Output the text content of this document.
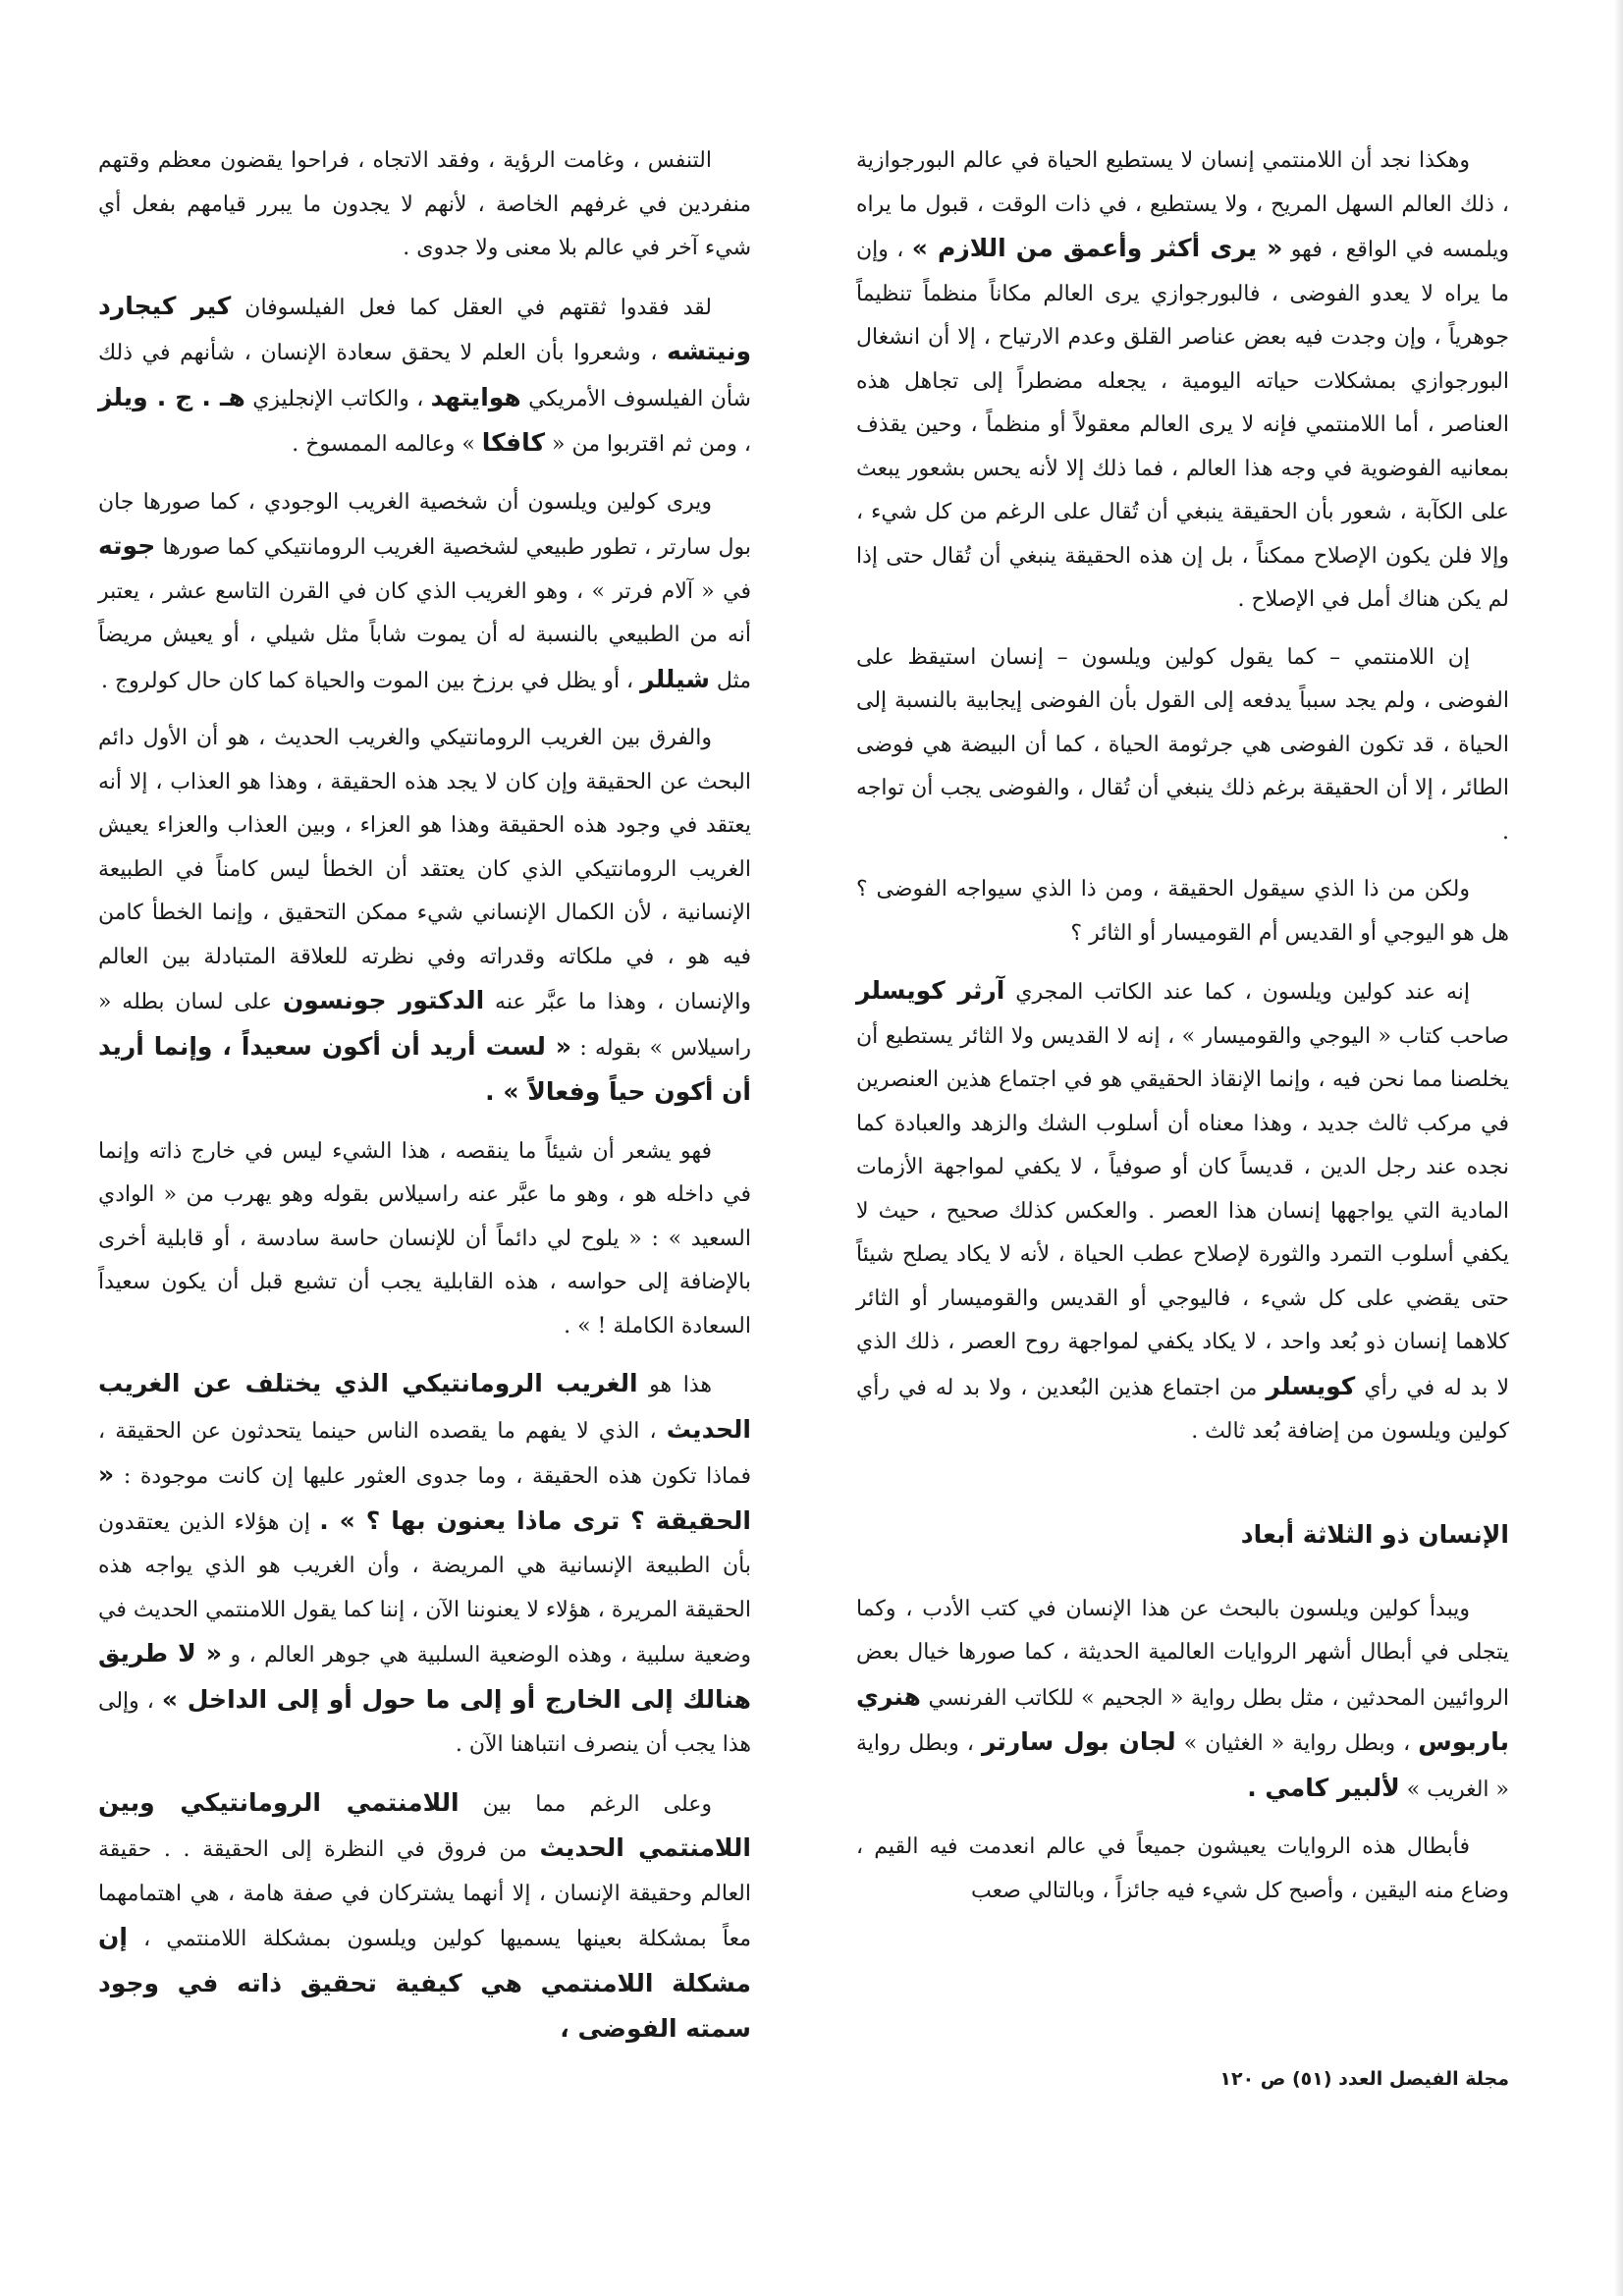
وهكذا نجد أن اللامنتمي إنسان لا يستطيع الحياة في عالم البورجوازية ، ذلك العالم السهل المريح ، ولا يستطيع ، في ذات الوقت ، قبول ما يراه ويلمسه في الواقع ، فهو « يرى أكثر وأعمق من اللازم » ، وإن ما يراه لا يعدو الفوضى ، فالبورجوازي يرى العالم مكاناً منظماً تنظيماً جوهرياً ، وإن وجدت فيه بعض عناصر القلق وعدم الارتياح ، إلا أن انشغال البورجوازي بمشكلات حياته اليومية ، يجعله مضطراً إلى تجاهل هذه العناصر ، أما اللامنتمي فإنه لا يرى العالم معقولاً أو منظماً ، وحين يقذف بمعانيه الفوضوية في وجه هذا العالم ، فما ذلك إلا لأنه يحس بشعور يبعث على الكآبة ، شعور بأن الحقيقة ينبغي أن تُقال على الرغم من كل شيء ، وإلا فلن يكون الإصلاح ممكناً ، بل إن هذه الحقيقة ينبغي أن تُقال حتى إذا لم يكن هناك أمل في الإصلاح .

إن اللامنتمي – كما يقول كولين ويلسون – إنسان استيقظ على الفوضى ، ولم يجد سبباً يدفعه إلى القول بأن الفوضى إيجابية بالنسبة إلى الحياة ، قد تكون الفوضى هي جرثومة الحياة ، كما أن البيضة هي فوضى الطائر ، إلا أن الحقيقة برغم ذلك ينبغي أن تُقال ، والفوضى يجب أن تواجه .

ولكن من ذا الذي سيقول الحقيقة ، ومن ذا الذي سيواجه الفوضى ؟ هل هو اليوجي أو القديس أم القوميسار أو الثائر ؟

إنه عند كولين ويلسون ، كما عند الكاتب المجري آرثر كويسلر صاحب كتاب « اليوجي والقوميسار » ، إنه لا القديس ولا الثائر يستطيع أن يخلصنا مما نحن فيه ، وإنما الإنقاذ الحقيقي هو في اجتماع هذين العنصرين في مركب ثالث جديد ، وهذا معناه أن أسلوب الشك والزهد والعبادة كما نجده عند رجل الدين ، قديساً كان أو صوفياً ، لا يكفي لمواجهة الأزمات المادية التي يواجهها إنسان هذا العصر . والعكس كذلك صحيح ، حيث لا يكفي أسلوب التمرد والثورة لإصلاح عطب الحياة ، لأنه لا يكاد يصلح شيئاً حتى يقضي على كل شيء ، فاليوجي أو القديس والقوميسار أو الثائر كلاهما إنسان ذو بُعد واحد ، لا يكاد يكفي لمواجهة روح العصر ، ذلك الذي لا بد له في رأي كويسلر من اجتماع هذين البُعدين ، ولا بد له في رأي كولين ويلسون من إضافة بُعد ثالث .

الإنسان ذو الثلاثة أبعاد

ويبدأ كولين ويلسون بالبحث عن هذا الإنسان في كتب الأدب ، وكما يتجلى في أبطال أشهر الروايات العالمية الحديثة ، كما صورها خيال بعض الروائيين المحدثين ، مثل بطل رواية « الجحيم » للكاتب الفرنسي هنري باربوس ، وبطل رواية « الغثيان » لجان بول سارتر ، وبطل رواية « الغريب » لألبير كامي .

فأبطال هذه الروايات يعيشون جميعاً في عالم انعدمت فيه القيم ، وضاع منه اليقين ، وأصبح كل شيء فيه جائزاً ، وبالتالي صعب

التنفس ، وغامت الرؤية ، وفقد الاتجاه ، فراحوا يقضون معظم وقتهم منفردين في غرفهم الخاصة ، لأنهم لا يجدون ما يبرر قيامهم بفعل أي شيء آخر في عالم بلا معنى ولا جدوى .

لقد فقدوا ثقتهم في العقل كما فعل الفيلسوفان كير كيجارد ونيتشه ، وشعروا بأن العلم لا يحقق سعادة الإنسان ، شأنهم في ذلك شأن الفيلسوف الأمريكي هوايتهد ، والكاتب الإنجليزي هـ . ج . ويلز ، ومن ثم اقتربوا من « كافكا » وعالمه الممسوخ .

ويرى كولين ويلسون أن شخصية الغريب الوجودي ، كما صورها جان بول سارتر ، تطور طبيعي لشخصية الغريب الرومانتيكي كما صورها جوته في « آلام فرتر » ، وهو الغريب الذي كان في القرن التاسع عشر ، يعتبر أنه من الطبيعي بالنسبة له أن يموت شاباً مثل شيلي ، أو يعيش مريضاً مثل شيللر ، أو يظل في برزخ بين الموت والحياة كما كان حال كولروج .

والفرق بين الغريب الرومانتيكي والغريب الحديث ، هو أن الأول دائم البحث عن الحقيقة وإن كان لا يجد هذه الحقيقة ، وهذا هو العذاب ، إلا أنه يعتقد في وجود هذه الحقيقة وهذا هو العزاء ، وبين العذاب والعزاء يعيش الغريب الرومانتيكي الذي كان يعتقد أن الخطأ ليس كامناً في الطبيعة الإنسانية ، لأن الكمال الإنساني شيء ممكن التحقيق ، وإنما الخطأ كامن فيه هو ، في ملكاته وقدراته وفي نظرته للعلاقة المتبادلة بين العالم والإنسان ، وهذا ما عبَّر عنه الدكتور جونسون على لسان بطله « راسيلاس » بقوله : « لست أريد أن أكون سعيداً ، وإنما أريد أن أكون حياً وفعالاً » .

فهو يشعر أن شيئاً ما ينقصه ، هذا الشيء ليس في خارج ذاته وإنما في داخله هو ، وهو ما عبَّر عنه راسيلاس بقوله وهو يهرب من « الوادي السعيد » : « يلوح لي دائماً أن للإنسان حاسة سادسة ، أو قابلية أخرى بالإضافة إلى حواسه ، هذه القابلية يجب أن تشبع قبل أن يكون سعيداً السعادة الكاملة ! » .

هذا هو الغريب الرومانتيكي الذي يختلف عن الغريب الحديث ، الذي لا يفهم ما يقصده الناس حينما يتحدثون عن الحقيقة ، فماذا تكون هذه الحقيقة ، وما جدوى العثور عليها إن كانت موجودة : « الحقيقة ؟ ترى ماذا يعنون بها ؟ » . إن هؤلاء الذين يعتقدون بأن الطبيعة الإنسانية هي المريضة ، وأن الغريب هو الذي يواجه هذه الحقيقة المريرة ، هؤلاء لا يعنوننا الآن ، إننا كما يقول اللامنتمي الحديث في وضعية سلبية ، وهذه الوضعية السلبية هي جوهر العالم ، و « لا طريق هنالك إلى الخارج أو إلى ما حول أو إلى الداخل » ، وإلى هذا يجب أن ينصرف انتباهنا الآن .

وعلى الرغم مما بين اللامنتمي الرومانتيكي وبين اللامنتمي الحديث من فروق في النظرة إلى الحقيقة . . حقيقة العالم وحقيقة الإنسان ، إلا أنهما يشتركان في صفة هامة ، هي اهتمامهما معاً بمشكلة بعينها يسميها كولين ويلسون بمشكلة اللامنتمي ، إن مشكلة اللامنتمي هي كيفية تحقيق ذاته في وجود سمته الفوضى ،

مجلة الفيصل العدد (٥١) ص ١٢٠
